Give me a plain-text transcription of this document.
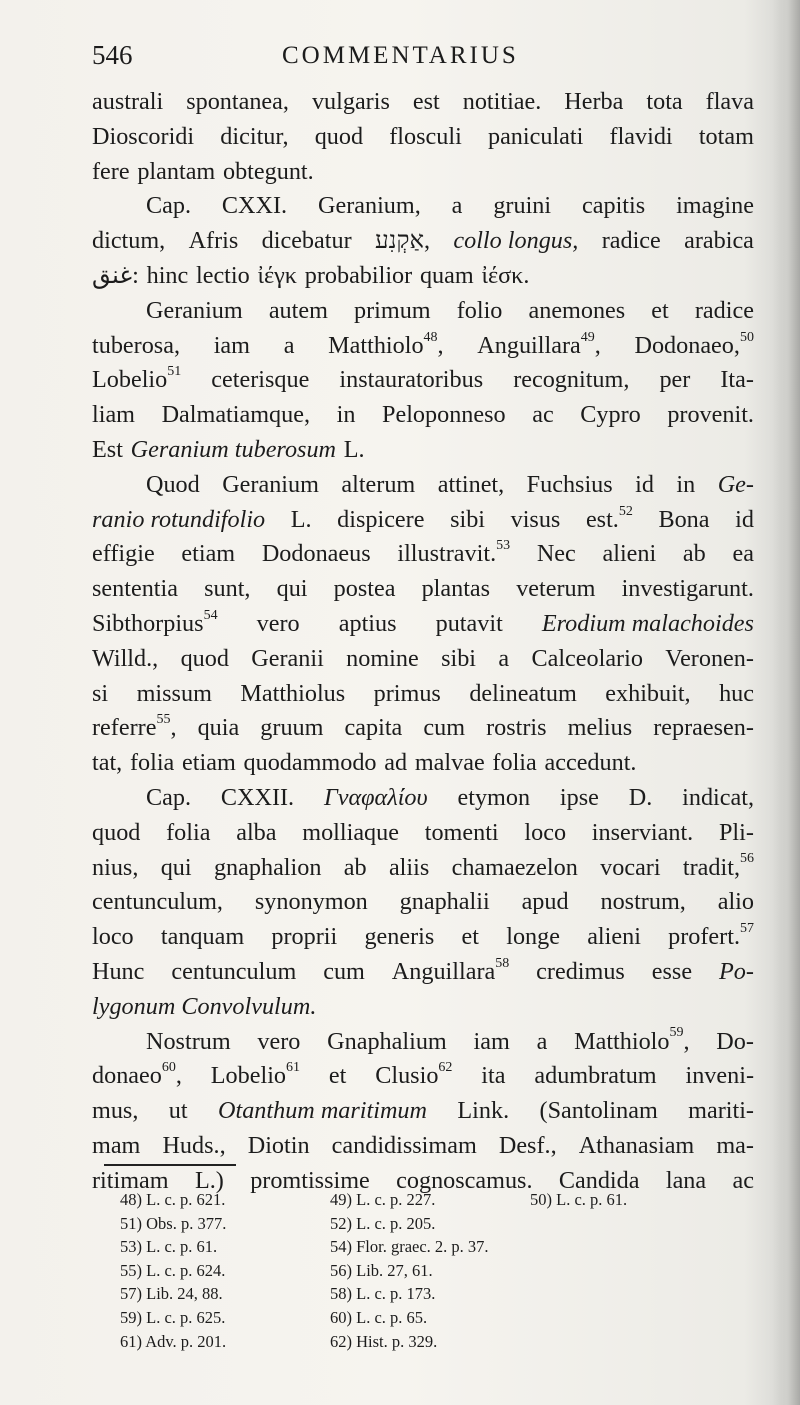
546	COMMENTARIUS
australi spontanea, vulgaris est notitiae. Herba tota flava
Dioscoridi dicitur, quod flosculi paniculati flavidi totam
fere plantam obtegunt.
Cap. CXXI. Geranium, a gruini capitis imagine
dictum, Afris dicebatur אַקְנִע, collo longus, radice arabica
غنق: hinc lectio ἰέγκ probabilior quam ἰέσκ.
Geranium autem primum folio anemones et radice
tuberosa, iam a Matthiolo$^{48}$, Anguillara$^{49}$, Dodonaeo,$^{50}$
Lobelio$^{51}$ ceterisque instauratoribus recognitum, per Ita-
liam Dalmatiamque, in Peloponneso ac Cypro provenit.
Est Geranium tuberosum L.
Quod Geranium alterum attinet, Fuchsius id in Ge-
ranio rotundifolio L. dispicere sibi visus est.$^{52}$ Bona id
effigie etiam Dodonaeus illustravit.$^{53}$ Nec alieni ab ea
sententia sunt, qui postea plantas veterum investigarunt.
Sibthorpius$^{54}$ vero aptius putavit Erodium malachoides
Willd., quod Geranii nomine sibi a Calceolario Veronen-
si missum Matthiolus primus delineatum exhibuit, huc
referre$^{55}$, quia gruum capita cum rostris melius repraesen-
tat, folia etiam quodammodo ad malvae folia accedunt.
Cap. CXXII. Γναφαλίου etymon ipse D. indicat,
quod folia alba molliaque tomenti loco inserviant. Pli-
nius, qui gnaphalion ab aliis chamaezelon vocari tradit,$^{56}$
centunculum, synonymon gnaphalii apud nostrum, alio
loco tanquam proprii generis et longe alieni profert.$^{57}$
Hunc centunculum cum Anguillara$^{58}$ credimus esse Po-
lygonum Convolvulum.
Nostrum vero Gnaphalium iam a Matthiolo$^{59}$, Do-
donaeo$^{60}$, Lobelio$^{61}$ et Clusio$^{62}$ ita adumbratum inveni-
mus, ut Otanthum maritimum Link. (Santolinam mariti-
mam Huds., Diotin candidissimam Desf., Athanasiam ma-
ritimam L.) promtissime cognoscamus. Candida lana ac
48) L. c. p. 621.	49) L. c. p. 227.	50) L. c. p. 61.
51) Obs. p. 377.	52) L. c. p. 205.
53) L. c. p. 61.	54) Flor. graec. 2. p. 37.
55) L. c. p. 624.	56) Lib. 27, 61.
57) Lib. 24, 88.	58) L. c. p. 173.
59) L. c. p. 625.	60) L. c. p. 65.
61) Adv. p. 201.	62) Hist. p. 329.
